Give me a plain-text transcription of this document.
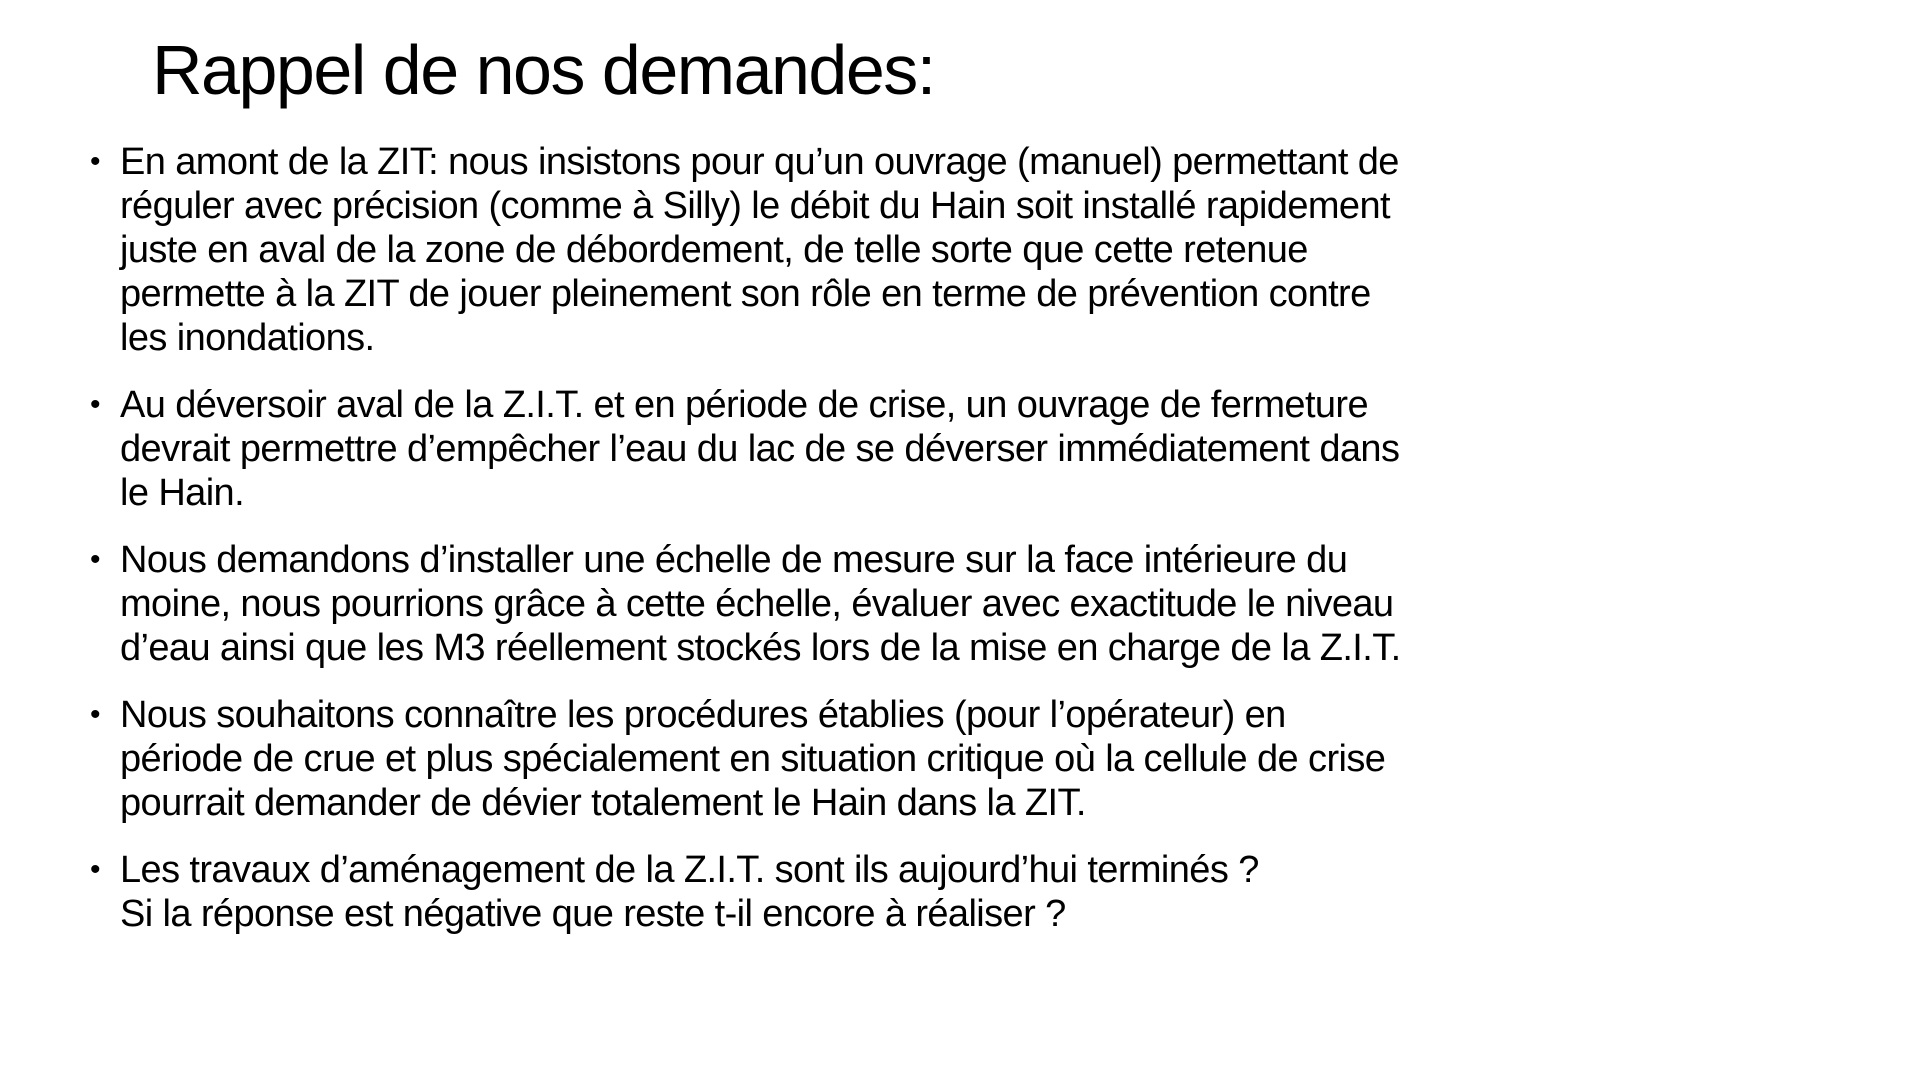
Rappel de nos demandes:
• En amont de la ZIT: nous insistons pour qu’un ouvrage (manuel) permettant de
réguler avec précision (comme à Silly) le débit du Hain soit installé rapidement
juste en aval de la zone de débordement, de telle sorte que cette retenue
permette à la ZIT de jouer pleinement son rôle en terme de prévention contre
les inondations.
• Au déversoir aval de la Z.I.T. et en période de crise, un ouvrage de fermeture
devrait permettre d’empêcher l’eau du lac de se déverser immédiatement dans
le Hain.
• Nous demandons d’installer une échelle de mesure sur la face intérieure du
moine, nous pourrions grâce à cette échelle, évaluer avec exactitude le niveau
d’eau ainsi que les M3 réellement stockés lors de la mise en charge de la Z.I.T.
• Nous souhaitons connaître les procédures établies (pour l’opérateur) en
période de crue et plus spécialement en situation critique où la cellule de crise
pourrait demander de dévier totalement le Hain dans la ZIT.
• Les travaux d’aménagement de la Z.I.T. sont ils aujourd’hui terminés ?
Si la réponse est négative que reste t-il encore à réaliser ?
